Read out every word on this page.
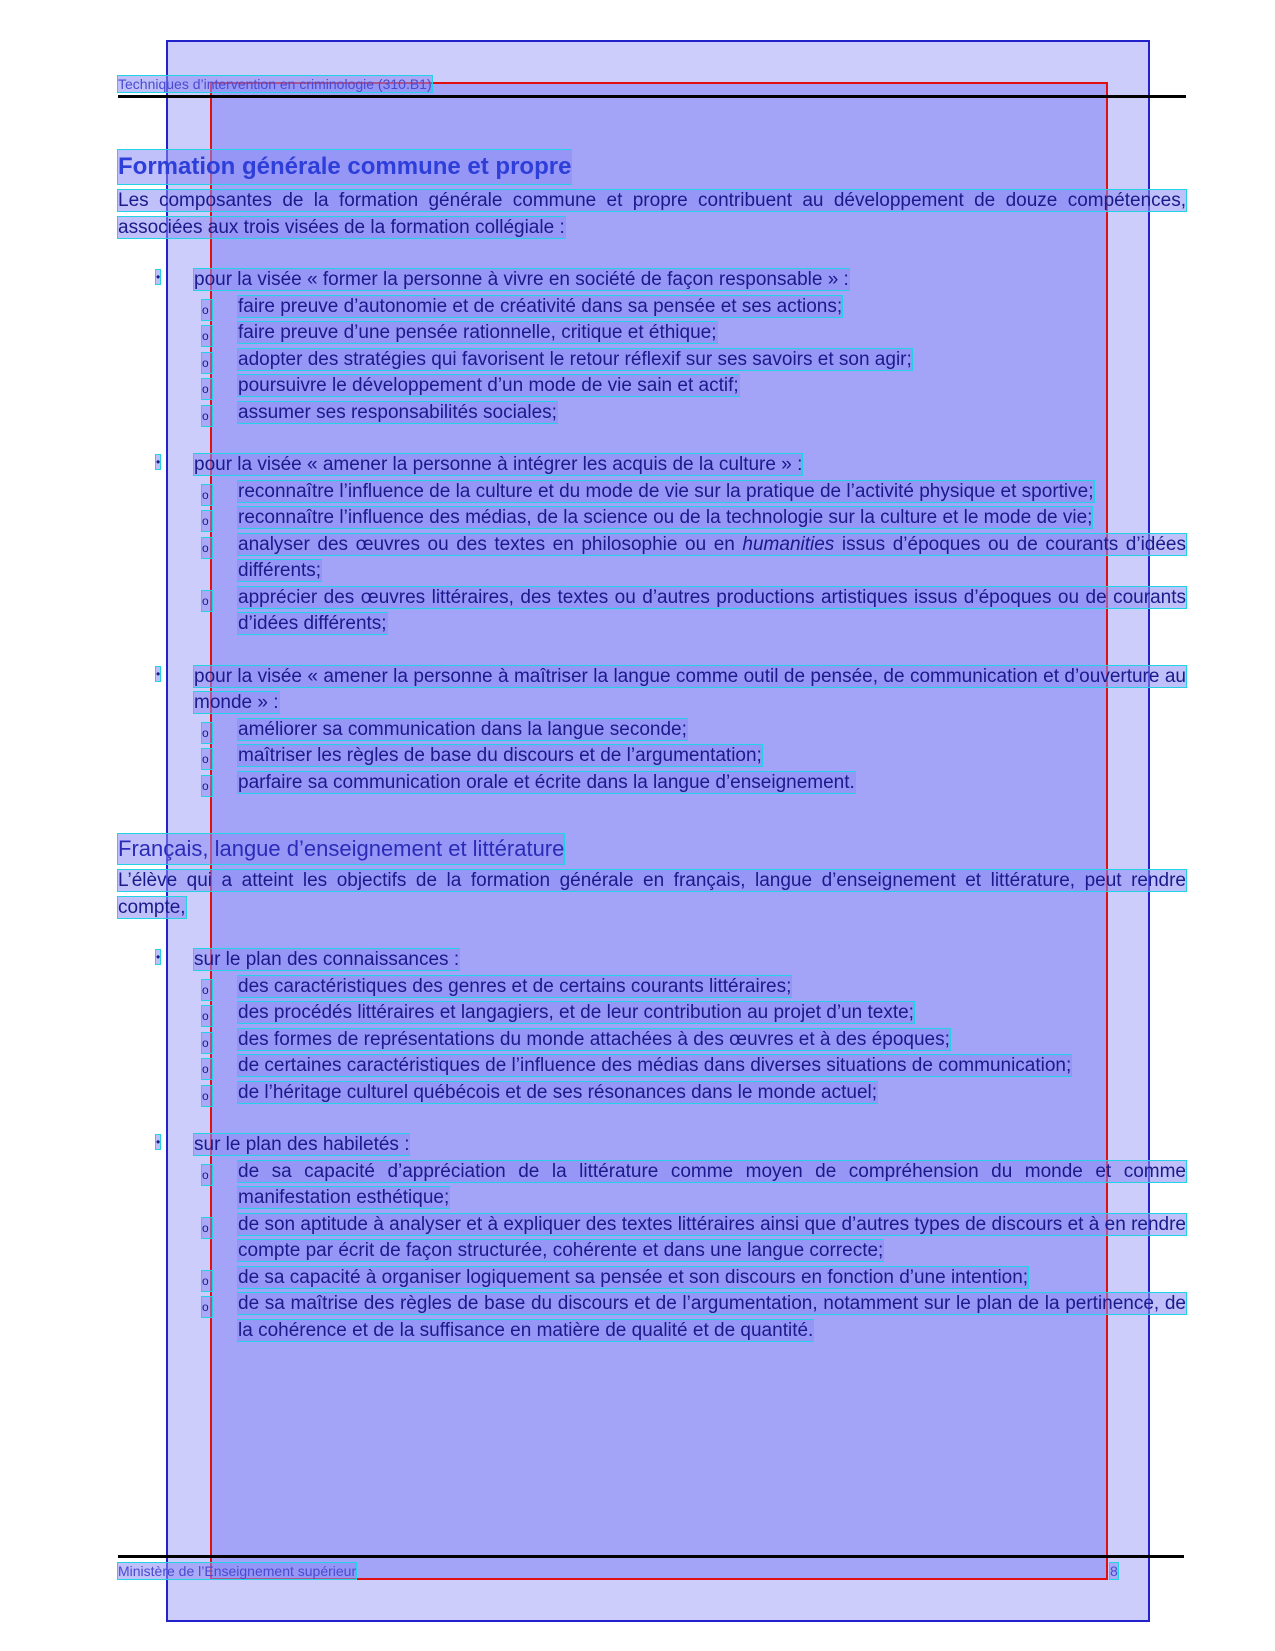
Techniques d’intervention en criminologie (310.B1)
Formation générale commune et propre

Les composantes de la formation générale commune et propre contribuent au développement de douze compétences, associées aux trois visées de la formation collégiale :

•	pour la visée « former la personne à vivre en société de façon responsable » :
o faire preuve d’autonomie et de créativité dans sa pensée et ses actions;
o faire preuve d’une pensée rationnelle, critique et éthique;
o adopter des stratégies qui favorisent le retour réflexif sur ses savoirs et son agir;
o poursuivre le développement d’un mode de vie sain et actif;
o assumer ses responsabilités sociales;
•	pour la visée « amener la personne à intégrer les acquis de la culture » :
o reconnaître l’influence de la culture et du mode de vie sur la pratique de l’activité physique et sportive;
o reconnaître l’influence des médias, de la science ou de la technologie sur la culture et le mode de vie;
o analyser des œuvres ou des textes en philosophie ou en humanities issus d’époques ou de courants d’idées différents;
o apprécier des œuvres littéraires, des textes ou d’autres productions artistiques issus d’époques ou de courants d’idées différents;
•	pour la visée « amener la personne à maîtriser la langue comme outil de pensée, de communication et d’ouverture au monde » :
o améliorer sa communication dans la langue seconde;
o maîtriser les règles de base du discours et de l’argumentation;
o parfaire sa communication orale et écrite dans la langue d’enseignement.
Français, langue d’enseignement et littérature

L’élève qui a atteint les objectifs de la formation générale en français, langue d’enseignement et littérature, peut rendre compte,

•	sur le plan des connaissances :
o des caractéristiques des genres et de certains courants littéraires;
o des procédés littéraires et langagiers, et de leur contribution au projet d’un texte;
o des formes de représentations du monde attachées à des œuvres et à des époques;
o de certaines caractéristiques de l’influence des médias dans diverses situations de communication;
o de l’héritage culturel québécois et de ses résonances dans le monde actuel;
•	sur le plan des habiletés :
o de sa capacité d’appréciation de la littérature comme moyen de compréhension du monde et comme manifestation esthétique;
o de son aptitude à analyser et à expliquer des textes littéraires ainsi que d’autres types de discours et à en rendre compte par écrit de façon structurée, cohérente et dans une langue correcte;
o de sa capacité à organiser logiquement sa pensée et son discours en fonction d’une intention;
o de sa maîtrise des règles de base du discours et de l’argumentation, notamment sur le plan de la pertinence, de la cohérence et de la suffisance en matière de qualité et de quantité.
Ministère de l’Enseignement supérieur	8
